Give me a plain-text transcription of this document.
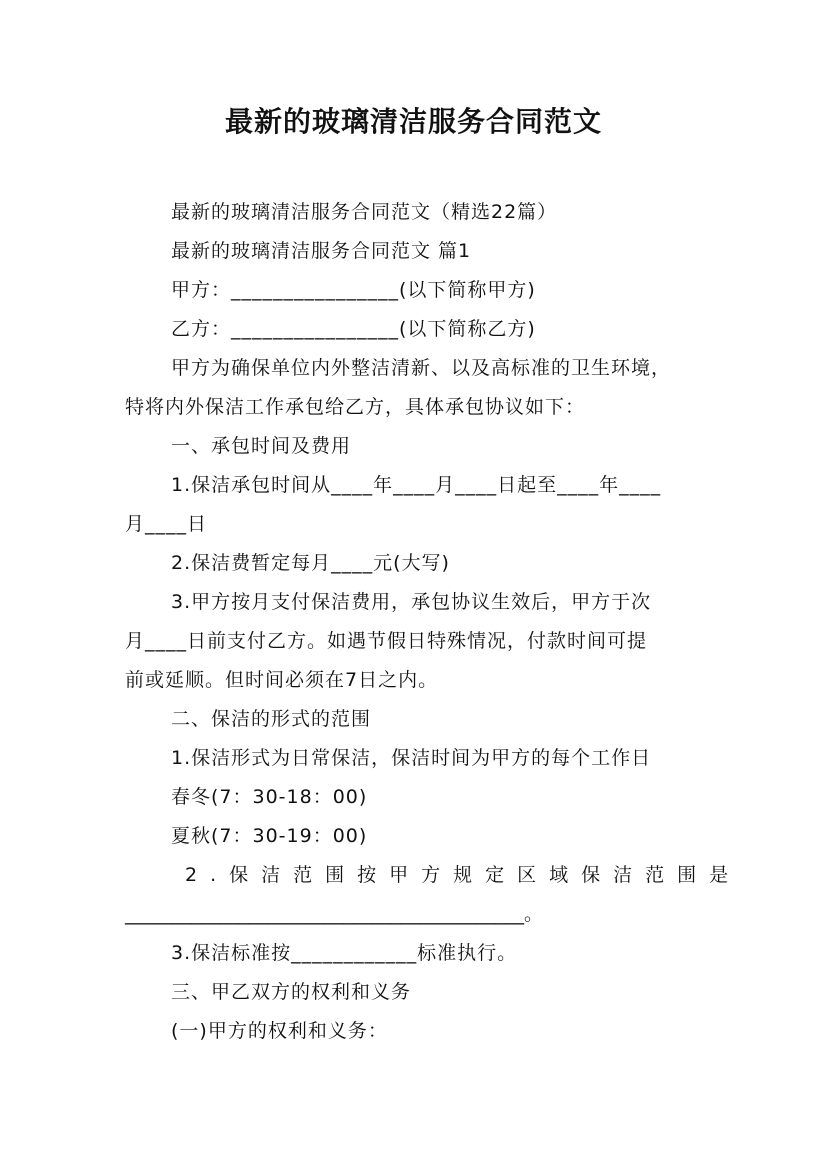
最新的玻璃清洁服务合同范文
最新的玻璃清洁服务合同范文（精选22篇）
最新的玻璃清洁服务合同范文 篇1
甲方：________________(以下简称甲方)
乙方：________________(以下简称乙方)
甲方为确保单位内外整洁清新、以及高标准的卫生环境，
特将内外保洁工作承包给乙方，具体承包协议如下：
一、承包时间及费用
1.保洁承包时间从____年____月____日起至____年____
月____日
2.保洁费暂定每月____元(大写)
3.甲方按月支付保洁费用，承包协议生效后，甲方于次
月____日前支付乙方。如遇节假日特殊情况，付款时间可提
前或延顺。但时间必须在7日之内。
二、保洁的形式的范围
1.保洁形式为日常保洁，保洁时间为甲方的每个工作日
春冬(7：30-18：00)
夏秋(7：30-19：00)
2.保洁范围按甲方规定区域保洁范围是
__________________________________________。
3.保洁标准按____________标准执行。
三、甲乙双方的权利和义务
(一)甲方的权利和义务：
